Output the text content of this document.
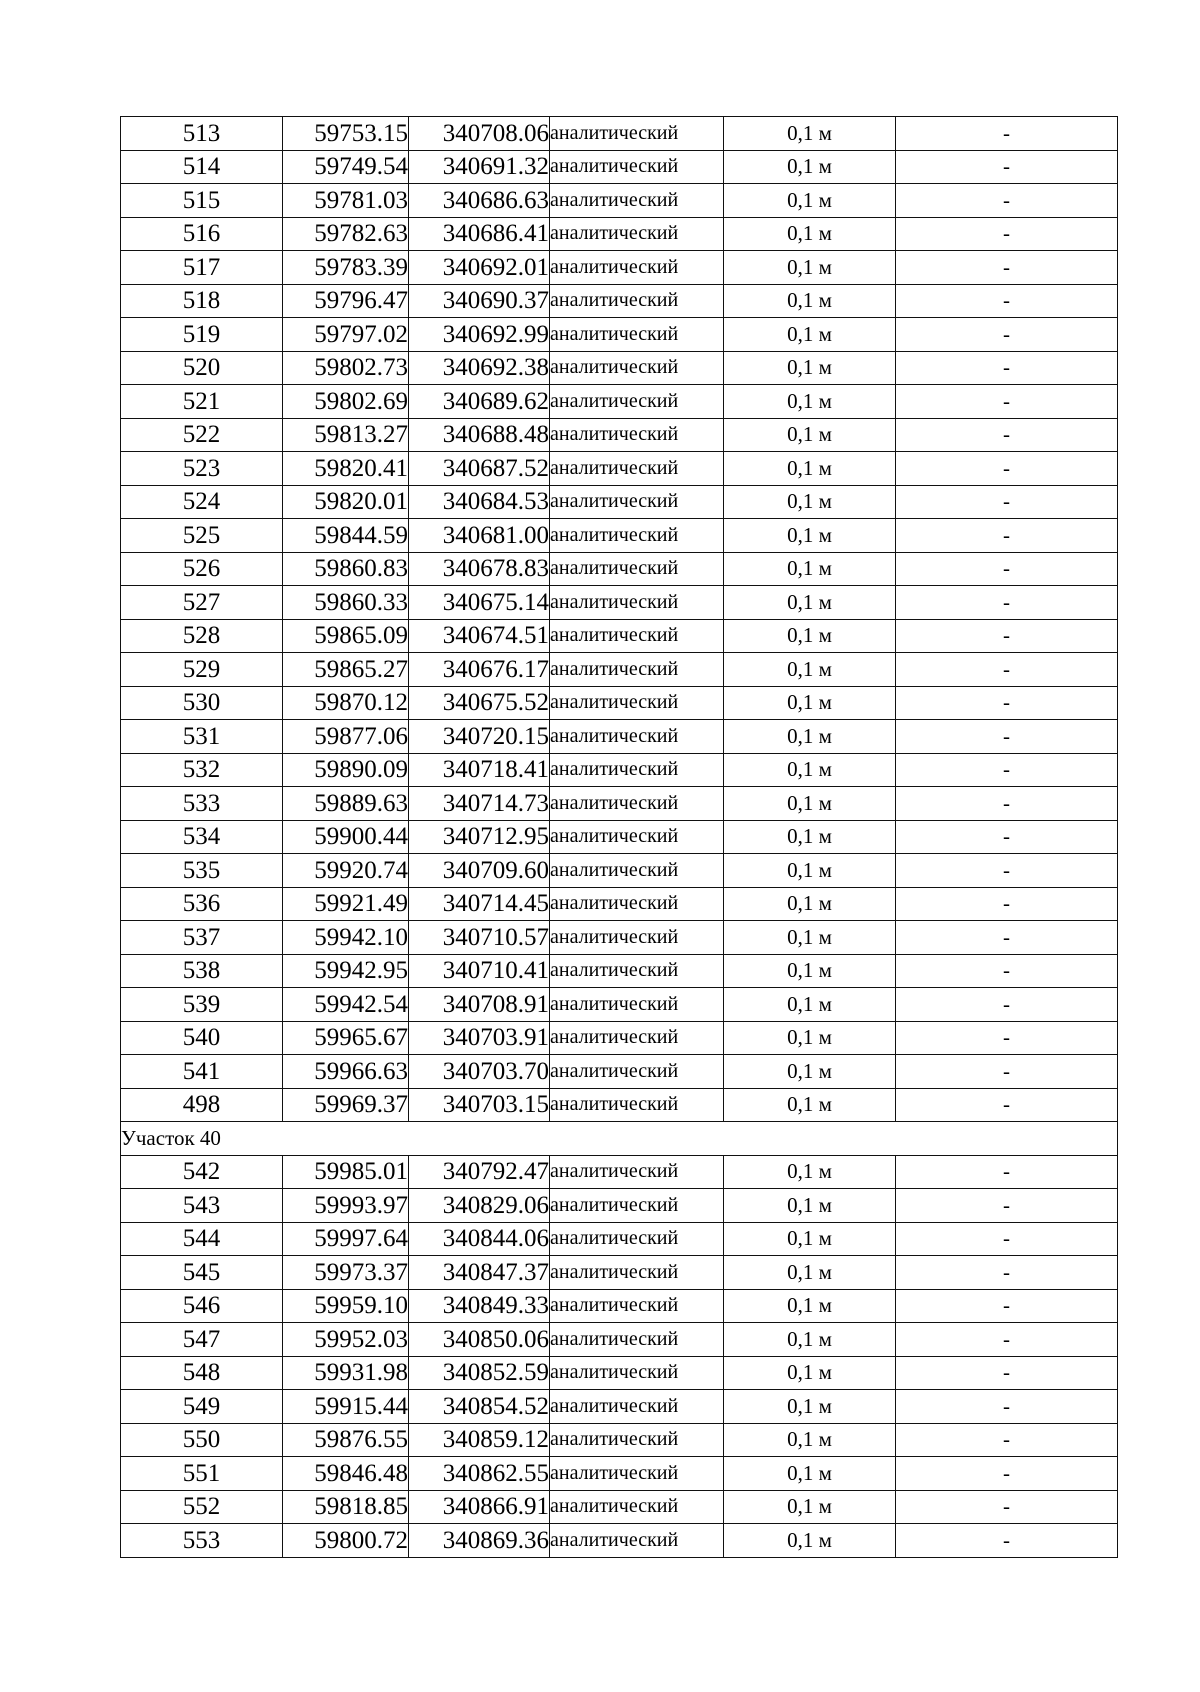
513	59753.15	340708.06	аналитический	0,1 м	-
514	59749.54	340691.32	аналитический	0,1 м	-
515	59781.03	340686.63	аналитический	0,1 м	-
516	59782.63	340686.41	аналитический	0,1 м	-
517	59783.39	340692.01	аналитический	0,1 м	-
518	59796.47	340690.37	аналитический	0,1 м	-
519	59797.02	340692.99	аналитический	0,1 м	-
520	59802.73	340692.38	аналитический	0,1 м	-
521	59802.69	340689.62	аналитический	0,1 м	-
522	59813.27	340688.48	аналитический	0,1 м	-
523	59820.41	340687.52	аналитический	0,1 м	-
524	59820.01	340684.53	аналитический	0,1 м	-
525	59844.59	340681.00	аналитический	0,1 м	-
526	59860.83	340678.83	аналитический	0,1 м	-
527	59860.33	340675.14	аналитический	0,1 м	-
528	59865.09	340674.51	аналитический	0,1 м	-
529	59865.27	340676.17	аналитический	0,1 м	-
530	59870.12	340675.52	аналитический	0,1 м	-
531	59877.06	340720.15	аналитический	0,1 м	-
532	59890.09	340718.41	аналитический	0,1 м	-
533	59889.63	340714.73	аналитический	0,1 м	-
534	59900.44	340712.95	аналитический	0,1 м	-
535	59920.74	340709.60	аналитический	0,1 м	-
536	59921.49	340714.45	аналитический	0,1 м	-
537	59942.10	340710.57	аналитический	0,1 м	-
538	59942.95	340710.41	аналитический	0,1 м	-
539	59942.54	340708.91	аналитический	0,1 м	-
540	59965.67	340703.91	аналитический	0,1 м	-
541	59966.63	340703.70	аналитический	0,1 м	-
498	59969.37	340703.15	аналитический	0,1 м	-
Участок 40					
542	59985.01	340792.47	аналитический	0,1 м	-
543	59993.97	340829.06	аналитический	0,1 м	-
544	59997.64	340844.06	аналитический	0,1 м	-
545	59973.37	340847.37	аналитический	0,1 м	-
546	59959.10	340849.33	аналитический	0,1 м	-
547	59952.03	340850.06	аналитический	0,1 м	-
548	59931.98	340852.59	аналитический	0,1 м	-
549	59915.44	340854.52	аналитический	0,1 м	-
550	59876.55	340859.12	аналитический	0,1 м	-
551	59846.48	340862.55	аналитический	0,1 м	-
552	59818.85	340866.91	аналитический	0,1 м	-
553	59800.72	340869.36	аналитический	0,1 м	-
